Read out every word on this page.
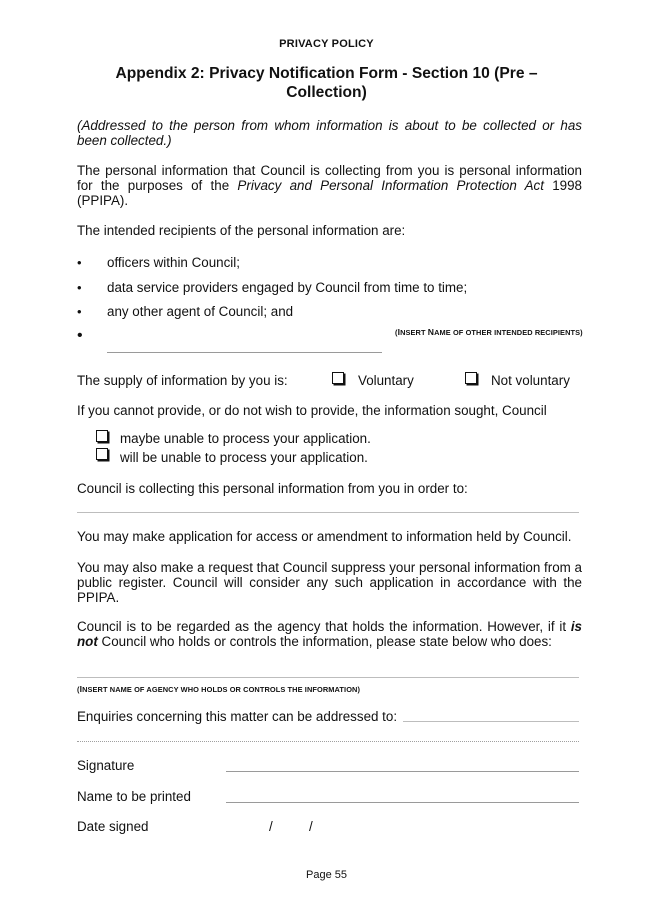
PRIVACY POLICY
Appendix 2: Privacy Notification Form - Section 10 (Pre –
Collection)
(Addressed to the person from whom information is about to be collected or has been collected.)
The personal information that Council is collecting from you is personal information for the purposes of the Privacy and Personal Information Protection Act 1998 (PPIPA).
The intended recipients of the personal information are:
• officers within Council;
• data service providers engaged by Council from time to time;
• any other agent of Council; and
•	(INSERT NAME OF OTHER INTENDED RECIPIENTS)
The supply of information by you is:	Voluntary	Not voluntary
If you cannot provide, or do not wish to provide, the information sought, Council
maybe unable to process your application.
will be unable to process your application.
Council is collecting this personal information from you in order to:
You may make application for access or amendment to information held by Council.
You may also make a request that Council suppress your personal information from a public register. Council will consider any such application in accordance with the PPIPA.
Council is to be regarded as the agency that holds the information. However, if it is not Council who holds or controls the information, please state below who does:
(INSERT NAME OF AGENCY WHO HOLDS OR CONTROLS THE INFORMATION)
Enquiries concerning this matter can be addressed to:
Signature
Name to be printed
Date signed	/	/
Page 55
